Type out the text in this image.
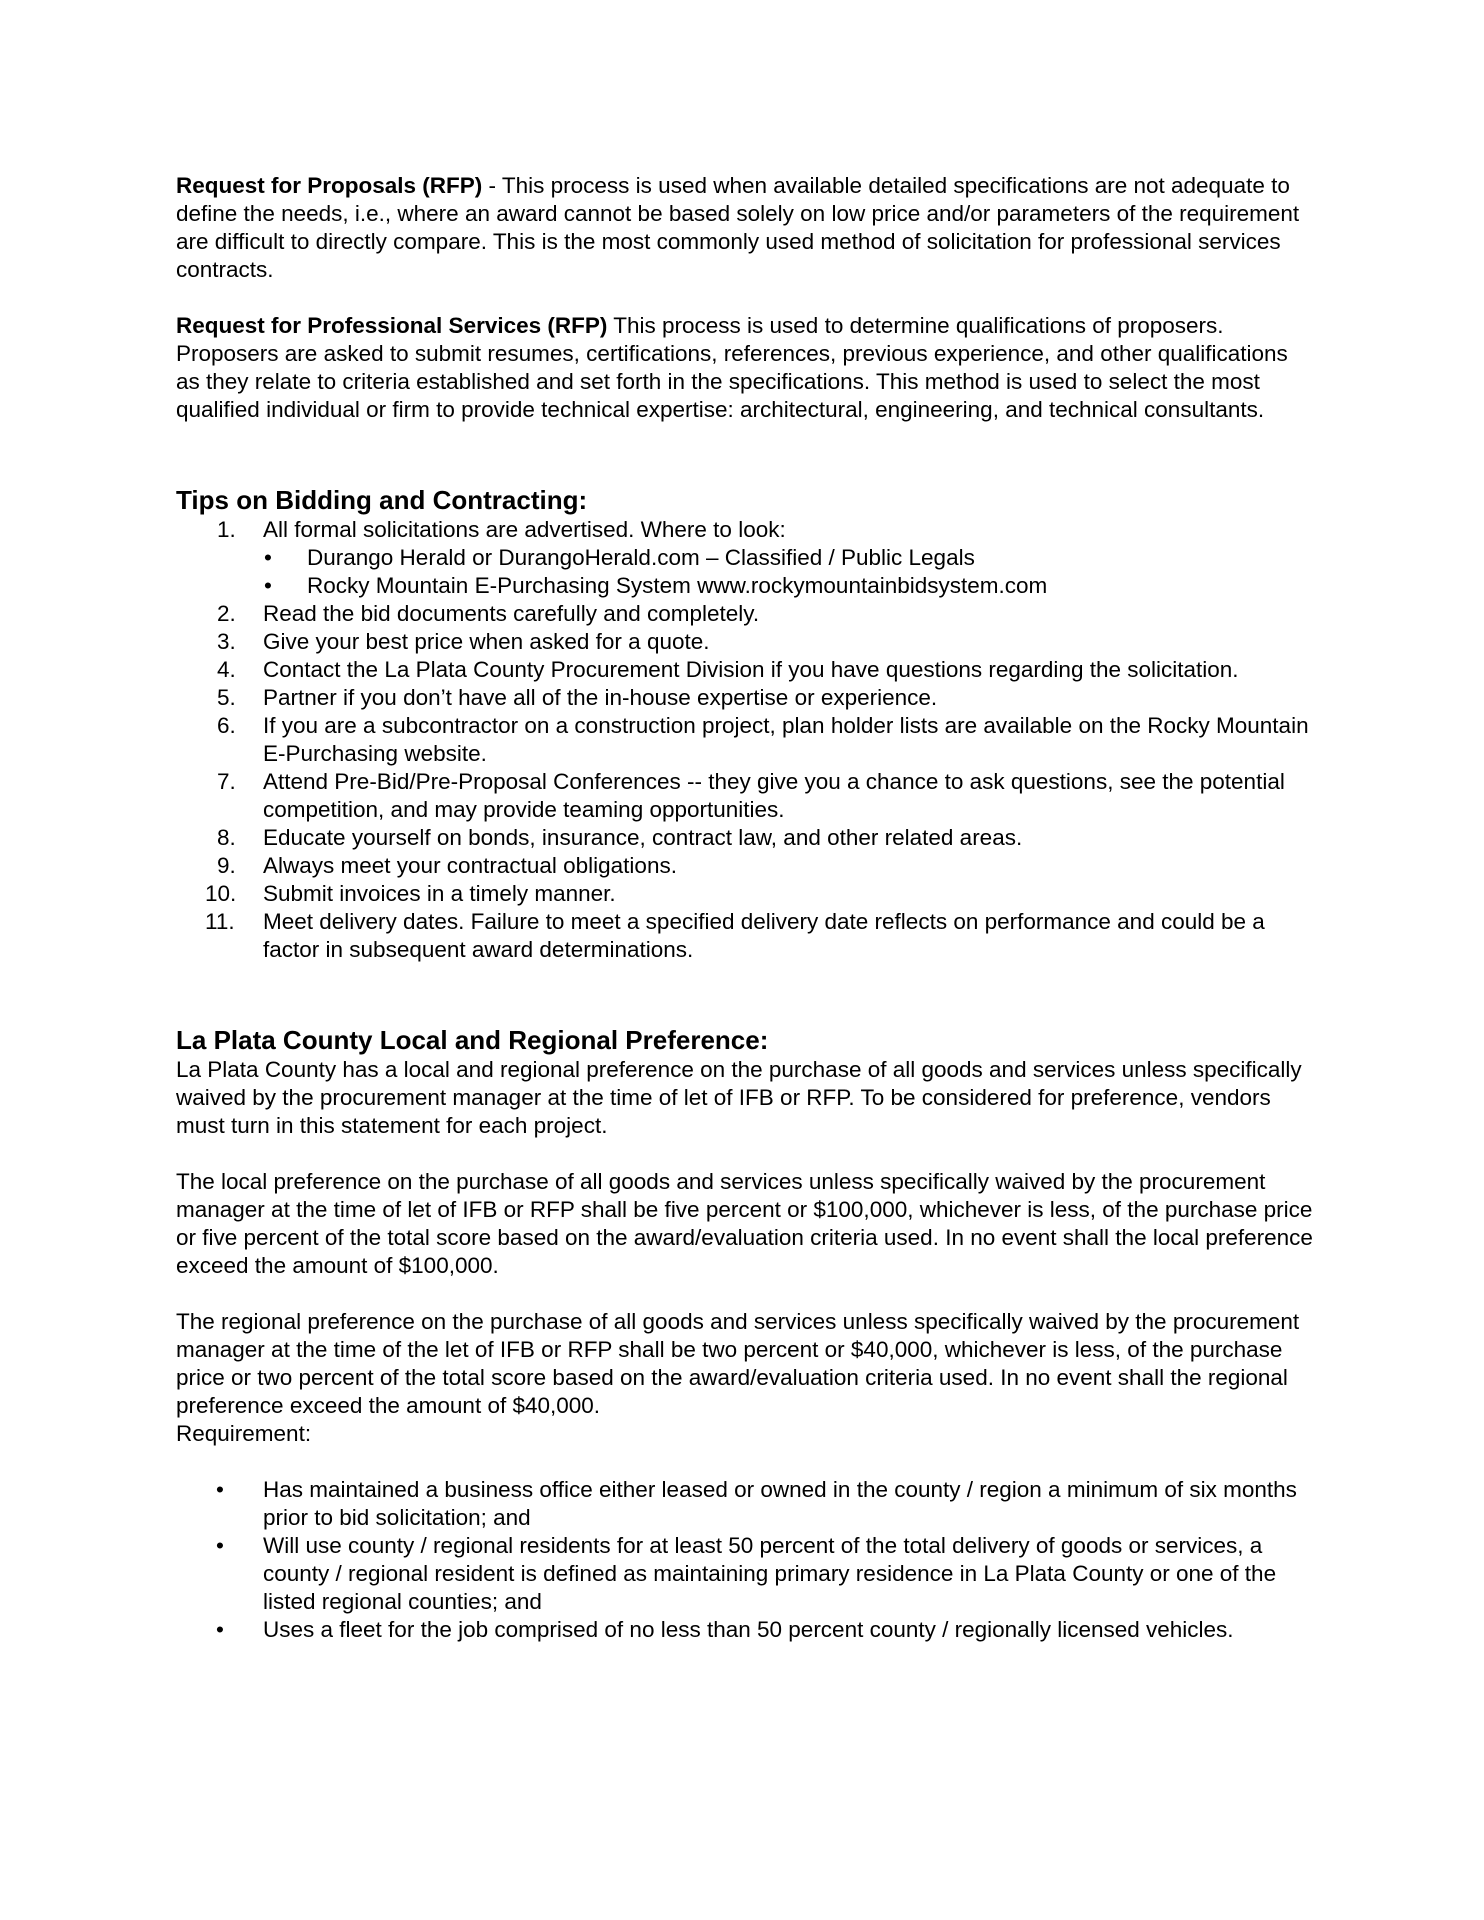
Request for Proposals (RFP) - This process is used when available detailed specifications are not adequate to define the needs, i.e., where an award cannot be based solely on low price and/or parameters of the requirement are difficult to directly compare. This is the most commonly used method of solicitation for professional services contracts.

Request for Professional Services (RFP) This process is used to determine qualifications of proposers. Proposers are asked to submit resumes, certifications, references, previous experience, and other qualifications as they relate to criteria established and set forth in the specifications. This method is used to select the most qualified individual or firm to provide technical expertise: architectural, engineering, and technical consultants.

Tips on Bidding and Contracting:
1. All formal solicitations are advertised. Where to look:
• Durango Herald or DurangoHerald.com – Classified / Public Legals
• Rocky Mountain E-Purchasing System www.rockymountainbidsystem.com
2. Read the bid documents carefully and completely.
3. Give your best price when asked for a quote.
4. Contact the La Plata County Procurement Division if you have questions regarding the solicitation.
5. Partner if you don’t have all of the in-house expertise or experience.
6. If you are a subcontractor on a construction project, plan holder lists are available on the Rocky Mountain E-Purchasing website.
7. Attend Pre-Bid/Pre-Proposal Conferences -- they give you a chance to ask questions, see the potential competition, and may provide teaming opportunities.
8. Educate yourself on bonds, insurance, contract law, and other related areas.
9. Always meet your contractual obligations.
10. Submit invoices in a timely manner.
11. Meet delivery dates. Failure to meet a specified delivery date reflects on performance and could be a factor in subsequent award determinations.
La Plata County Local and Regional Preference:

La Plata County has a local and regional preference on the purchase of all goods and services unless specifically waived by the procurement manager at the time of let of IFB or RFP. To be considered for preference, vendors must turn in this statement for each project.

The local preference on the purchase of all goods and services unless specifically waived by the procurement manager at the time of let of IFB or RFP shall be five percent or $100,000, whichever is less, of the purchase price or five percent of the total score based on the award/evaluation criteria used. In no event shall the local preference exceed the amount of $100,000.

The regional preference on the purchase of all goods and services unless specifically waived by the procurement manager at the time of the let of IFB or RFP shall be two percent or $40,000, whichever is less, of the purchase price or two percent of the total score based on the award/evaluation criteria used. In no event shall the regional preference exceed the amount of $40,000.

Requirement:

• Has maintained a business office either leased or owned in the county / region a minimum of six months prior to bid solicitation; and
• Will use county / regional residents for at least 50 percent of the total delivery of goods or services, a county / regional resident is defined as maintaining primary residence in La Plata County or one of the listed regional counties; and
• Uses a fleet for the job comprised of no less than 50 percent county / regionally licensed vehicles.
